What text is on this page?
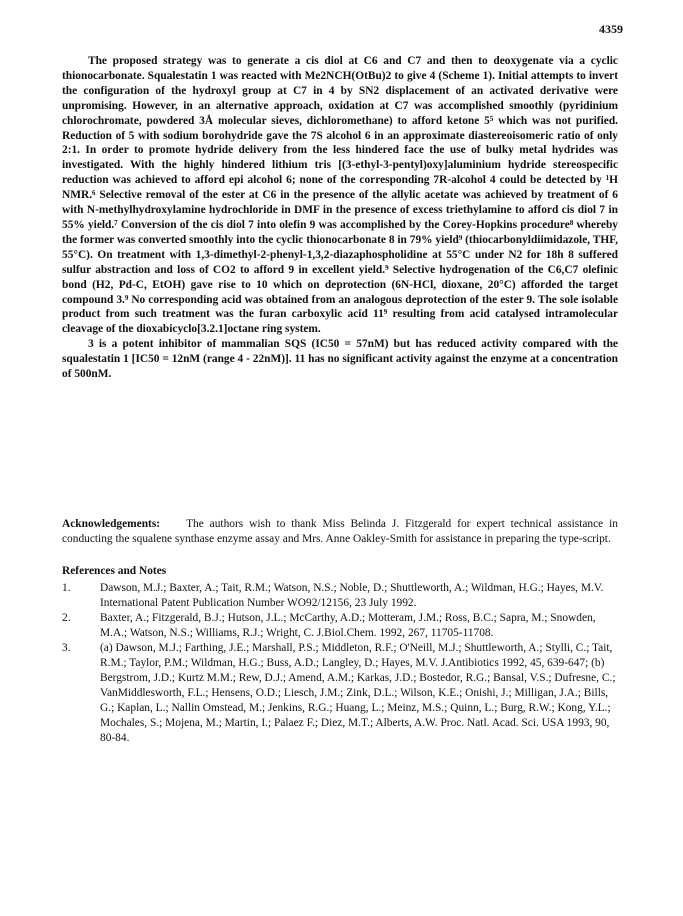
4359

The proposed strategy was to generate a cis diol at C6 and C7 and then to deoxygenate via a cyclic thionocarbonate. Squalestatin 1 was reacted with Me2NCH(OtBu)2 to give 4 (Scheme 1). Initial attempts to invert the configuration of the hydroxyl group at C7 in 4 by SN2 displacement of an activated derivative were unpromising. However, in an alternative approach, oxidation at C7 was accomplished smoothly (pyridinium chlorochromate, powdered 3Å molecular sieves, dichloromethane) to afford ketone 5⁵ which was not purified. Reduction of 5 with sodium borohydride gave the 7S alcohol 6 in an approximate diastereoisomeric ratio of only 2:1. In order to promote hydride delivery from the less hindered face the use of bulky metal hydrides was investigated. With the highly hindered lithium tris [(3-ethyl-3-pentyl)oxy]aluminium hydride stereospecific reduction was achieved to afford epi alcohol 6; none of the corresponding 7R-alcohol 4 could be detected by ¹H NMR.⁶ Selective removal of the ester at C6 in the presence of the allylic acetate was achieved by treatment of 6 with N-methylhydroxylamine hydrochloride in DMF in the presence of excess triethylamine to afford cis diol 7 in 55% yield.⁷ Conversion of the cis diol 7 into olefin 9 was accomplished by the Corey-Hopkins procedure⁸ whereby the former was converted smoothly into the cyclic thionocarbonate 8 in 79% yield⁹ (thiocarbonyldiimidazole, THF, 55°C). On treatment with 1,3-dimethyl-2-phenyl-1,3,2-diazaphospholidine at 55°C under N2 for 18h 8 suffered sulfur abstraction and loss of CO2 to afford 9 in excellent yield.⁹ Selective hydrogenation of the C6,C7 olefinic bond (H2, Pd-C, EtOH) gave rise to 10 which on deprotection (6N-HCl, dioxane, 20°C) afforded the target compound 3.⁹ No corresponding acid was obtained from an analogous deprotection of the ester 9. The sole isolable product from such treatment was the furan carboxylic acid 11⁹ resulting from acid catalysed intramolecular cleavage of the dioxabicyclo[3.2.1]octane ring system.

3 is a potent inhibitor of mammalian SQS (IC50 = 57nM) but has reduced activity compared with the squalestatin 1 [IC50 = 12nM (range 4 - 22nM)]. 11 has no significant activity against the enzyme at a concentration of 500nM.

Acknowledgements: The authors wish to thank Miss Belinda J. Fitzgerald for expert technical assistance in conducting the squalene synthase enzyme assay and Mrs. Anne Oakley-Smith for assistance in preparing the type-script.

References and Notes
1.	Dawson, M.J.; Baxter, A.; Tait, R.M.; Watson, N.S.; Noble, D.; Shuttleworth, A.; Wildman, H.G.; Hayes, M.V. International Patent Publication Number WO92/12156, 23 July 1992.
2.	Baxter, A.; Fitzgerald, B.J.; Hutson, J.L.; McCarthy, A.D.; Motteram, J.M.; Ross, B.C.; Sapra, M.; Snowden, M.A.; Watson, N.S.; Williams, R.J.; Wright, C. J.Biol.Chem. 1992, 267, 11705-11708.
3.	(a) Dawson, M.J.; Farthing, J.E.; Marshall, P.S.; Middleton, R.F.; O'Neill, M.J.; Shuttleworth, A.; Stylli, C.; Tait, R.M.; Taylor, P.M.; Wildman, H.G.; Buss, A.D.; Langley, D.; Hayes, M.V. J.Antibiotics 1992, 45, 639-647; (b) Bergstrom, J.D.; Kurtz M.M.; Rew, D.J.; Amend, A.M.; Karkas, J.D.; Bostedor, R.G.; Bansal, V.S.; Dufresne, C.; VanMiddlesworth, F.L.; Hensens, O.D.; Liesch, J.M.; Zink, D.L.; Wilson, K.E.; Onishi, J.; Milligan, J.A.; Bills, G.; Kaplan, L.; Nallin Omstead, M.; Jenkins, R.G.; Huang, L.; Meinz, M.S.; Quinn, L.; Burg, R.W.; Kong, Y.L.; Mochales, S.; Mojena, M.; Martin, I.; Palaez F.; Diez, M.T.; Alberts, A.W. Proc. Natl. Acad. Sci. USA 1993, 90, 80-84.
